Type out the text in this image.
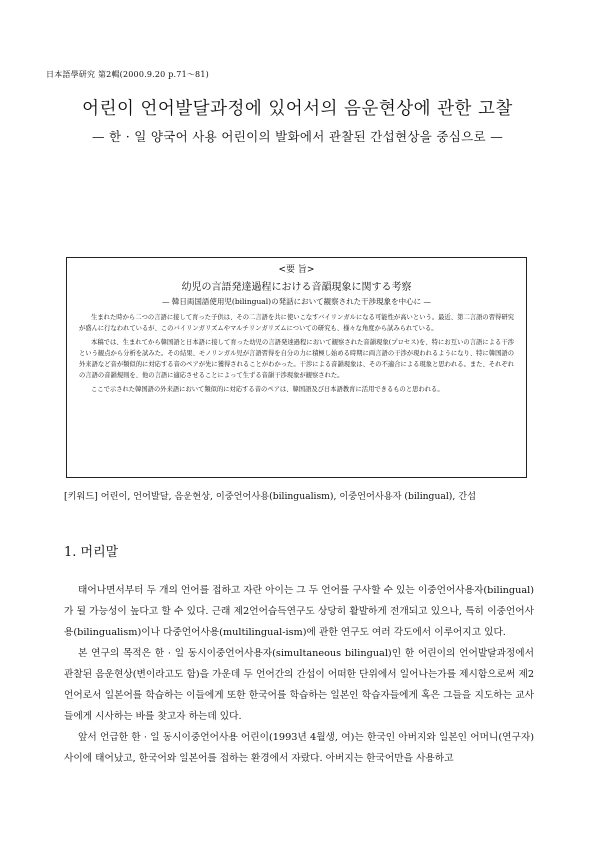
日本語學研究 第2輯(2000.9.20 p.71～81)
어린이 언어발달과정에 있어서의 음운현상에 관한 고찰
— 한 · 일 양국어 사용 어린이의 발화에서 관찰된 간섭현상을 중심으로 —
<要 旨>
幼児の言語発達過程における音韻現象に関する考察
— 韓日両国語使用児(bilingual)の発話において観察された干渉現象を中心に —

生まれた時から二つの言語に接して育った子供は、その二言語を共に使いこなすバイリンガルになる可能性が高いという。最近、第二言語の習得研究が盛んに行なわれているが、このバイリンガリズムやマルチリンガリズムについての研究も、様々な角度から試みられている。

本稿では、生まれてから韓国語と日本語に接して育った幼児の言語発達過程において観察された音韻現象(プロセス)を、特にお互いの言語による干渉という観点から分析を試みた。その結果、モノリンガル児が言語習得を自分の力に積極し始める時期に両言語の干渉が現われるようになり、特に韓国語の外来語など音が類似的に対応する音のペアが先に獲得されることがわかった。干渉による音韻現象は、その不適合による現象と思われる。また、それぞれの言語の音韻規則を、他の言語に適応させることによって生ずる音韻干渉現象が観察された。

ここで示された韓国語の外来語において類似的に対応する音のペアは、韓国語及び日本語教育に活用できるものと思われる。

[키워드] 어린이, 언어발달, 음운현상, 이중언어사용(bilingualism), 이중언어사용자 (bilingual), 간섭
1. 머리말

태어나면서부터 두 개의 언어를 접하고 자란 아이는 그 두 언어를 구사할 수 있는 이중언어사용자(bilingual)가 될 가능성이 높다고 할 수 있다. 근래 제2언어습득연구도 상당히 활발하게 전개되고 있으나, 특히 이중언어사용(bilingualism)이나 다중언어사용(multilingual-ism)에 관한 연구도 여러 각도에서 이루어지고 있다.

본 연구의 목적은 한 · 일 동시이중언어사용자(simultaneous bilingual)인 한 어린이의 언어발달과정에서 관찰된 음운현상(변이라고도 함)을 가운데 두 언어간의 간섭이 어떠한 단위에서 일어나는가를 제시함으로써 제2언어로서 일본어를 학습하는 이들에게 또한 한국어를 학습하는 일본인 학습자들에게 혹은 그들을 지도하는 교사들에게 시사하는 바를 찾고자 하는데 있다.

앞서 언급한 한 · 일 동시이중언어사용 어린이(1993년 4월생, 여)는 한국인 아버지와 일본인 어머니(연구자) 사이에 태어났고, 한국어와 일본어를 접하는 환경에서 자랐다. 아버지는 한국어만을 사용하고
